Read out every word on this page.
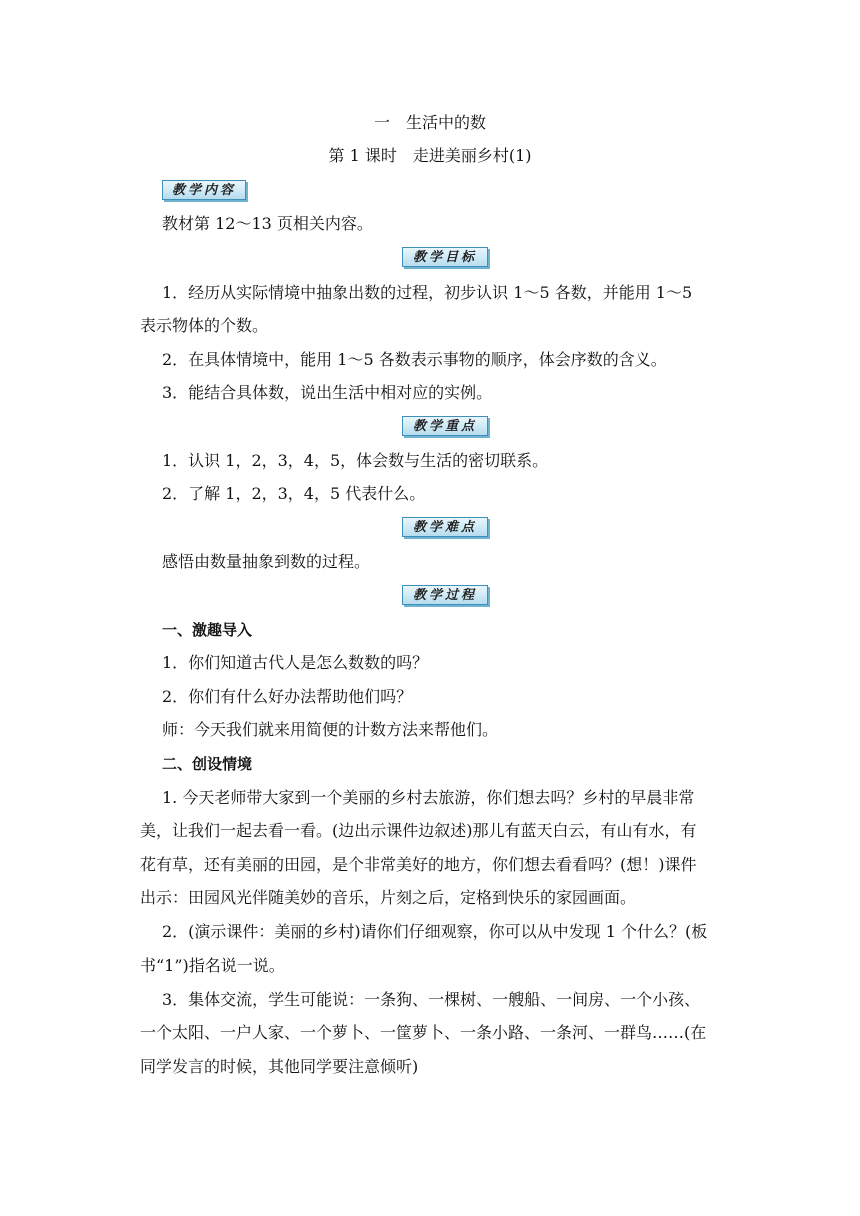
一　生活中的数
第 1 课时　走进美丽乡村(1)
教学内容
教材第 12～13 页相关内容。
教学目标
1．经历从实际情境中抽象出数的过程，初步认识 1～5 各数，并能用 1～5
表示物体的个数。
2．在具体情境中，能用 1～5 各数表示事物的顺序，体会序数的含义。
3．能结合具体数，说出生活中相对应的实例。
教学重点
1．认识 1，2，3，4，5，体会数与生活的密切联系。
2．了解 1，2，3，4，5 代表什么。
教学难点
感悟由数量抽象到数的过程。
教学过程
一、激趣导入
1．你们知道古代人是怎么数数的吗？
2．你们有什么好办法帮助他们吗？
师：今天我们就来用简便的计数方法来帮他们。
二、创设情境
1. 今天老师带大家到一个美丽的乡村去旅游，你们想去吗？乡村的早晨非常
美，让我们一起去看一看。(边出示课件边叙述)那儿有蓝天白云，有山有水，有
花有草，还有美丽的田园，是个非常美好的地方，你们想去看看吗？(想！)课件
出示：田园风光伴随美妙的音乐，片刻之后，定格到快乐的家园画面。
2．(演示课件：美丽的乡村)请你们仔细观察，你可以从中发现 1 个什么？(板
书“1”)指名说一说。
3．集体交流，学生可能说：一条狗、一棵树、一艘船、一间房、一个小孩、
一个太阳、一户人家、一个萝卜、一筐萝卜、一条小路、一条河、一群鸟……(在
同学发言的时候，其他同学要注意倾听)
